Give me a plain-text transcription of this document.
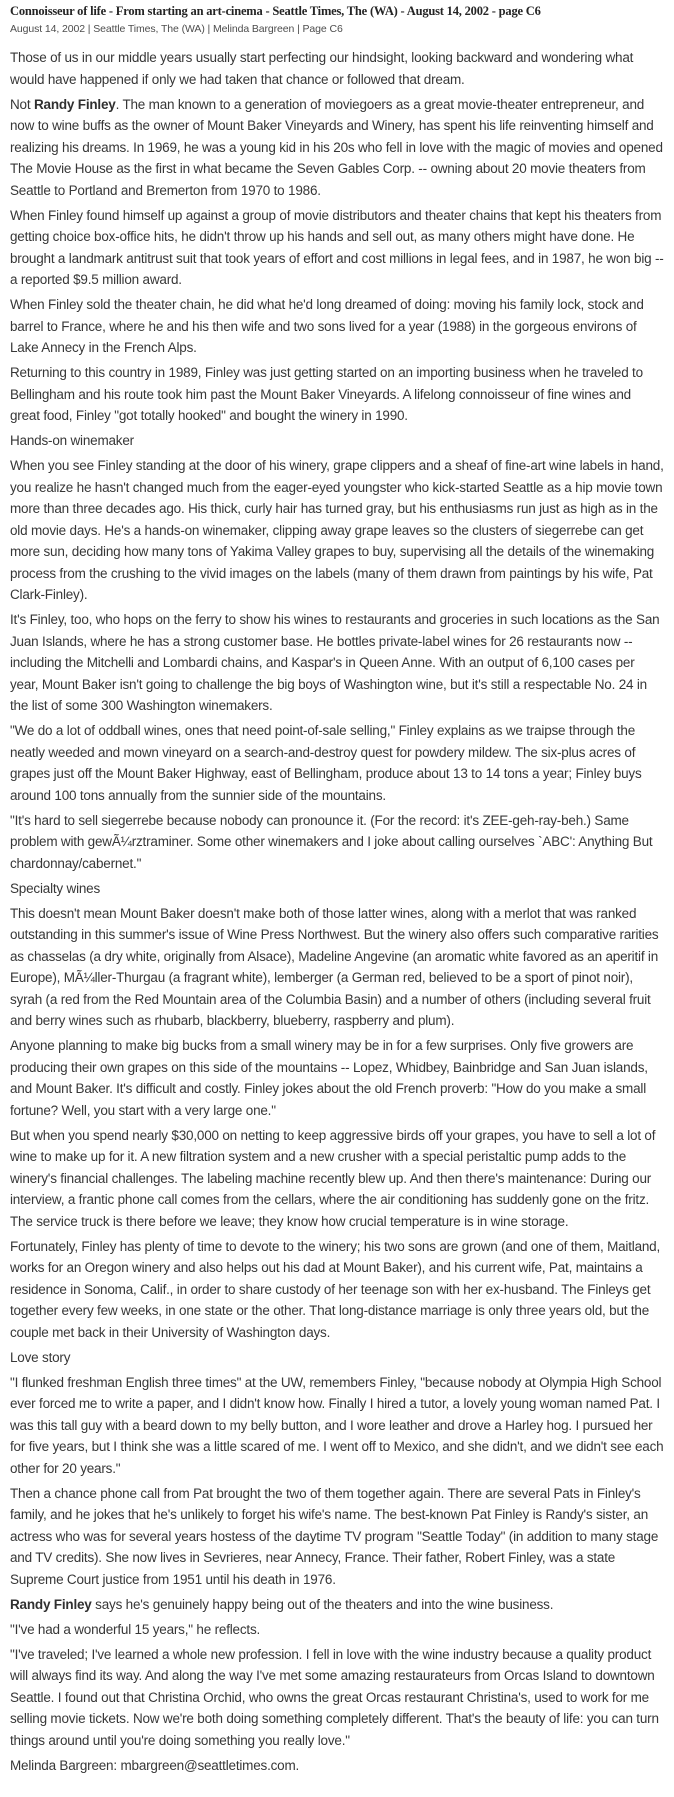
Connoisseur of life - From starting an art-cinema - Seattle Times, The (WA) - August 14, 2002 - page C6
August 14, 2002 | Seattle Times, The (WA) | Melinda Bargreen | Page C6

Those of us in our middle years usually start perfecting our hindsight, looking backward and wondering what would have happened if only we had taken that chance or followed that dream.

Not Randy Finley. The man known to a generation of moviegoers as a great movie-theater entrepreneur, and now to wine buffs as the owner of Mount Baker Vineyards and Winery, has spent his life reinventing himself and realizing his dreams. In 1969, he was a young kid in his 20s who fell in love with the magic of movies and opened The Movie House as the first in what became the Seven Gables Corp. -- owning about 20 movie theaters from Seattle to Portland and Bremerton from 1970 to 1986.

When Finley found himself up against a group of movie distributors and theater chains that kept his theaters from getting choice box-office hits, he didn't throw up his hands and sell out, as many others might have done. He brought a landmark antitrust suit that took years of effort and cost millions in legal fees, and in 1987, he won big -- a reported $9.5 million award.

When Finley sold the theater chain, he did what he'd long dreamed of doing: moving his family lock, stock and barrel to France, where he and his then wife and two sons lived for a year (1988) in the gorgeous environs of Lake Annecy in the French Alps.

Returning to this country in 1989, Finley was just getting started on an importing business when he traveled to Bellingham and his route took him past the Mount Baker Vineyards. A lifelong connoisseur of fine wines and great food, Finley "got totally hooked" and bought the winery in 1990.

Hands-on winemaker

When you see Finley standing at the door of his winery, grape clippers and a sheaf of fine-art wine labels in hand, you realize he hasn't changed much from the eager-eyed youngster who kick-started Seattle as a hip movie town more than three decades ago. His thick, curly hair has turned gray, but his enthusiasms run just as high as in the old movie days. He's a hands-on winemaker, clipping away grape leaves so the clusters of siegerrebe can get more sun, deciding how many tons of Yakima Valley grapes to buy, supervising all the details of the winemaking process from the crushing to the vivid images on the labels (many of them drawn from paintings by his wife, Pat Clark-Finley).

It's Finley, too, who hops on the ferry to show his wines to restaurants and groceries in such locations as the San Juan Islands, where he has a strong customer base. He bottles private-label wines for 26 restaurants now -- including the Mitchelli and Lombardi chains, and Kaspar's in Queen Anne. With an output of 6,100 cases per year, Mount Baker isn't going to challenge the big boys of Washington wine, but it's still a respectable No. 24 in the list of some 300 Washington winemakers.

"We do a lot of oddball wines, ones that need point-of-sale selling," Finley explains as we traipse through the neatly weeded and mown vineyard on a search-and-destroy quest for powdery mildew. The six-plus acres of grapes just off the Mount Baker Highway, east of Bellingham, produce about 13 to 14 tons a year; Finley buys around 100 tons annually from the sunnier side of the mountains.

"It's hard to sell siegerrebe because nobody can pronounce it. (For the record: it's ZEE-geh-ray-beh.) Same problem with gewÃ¼rztraminer. Some other winemakers and I joke about calling ourselves `ABC': Anything But chardonnay/cabernet."

Specialty wines

This doesn't mean Mount Baker doesn't make both of those latter wines, along with a merlot that was ranked outstanding in this summer's issue of Wine Press Northwest. But the winery also offers such comparative rarities as chasselas (a dry white, originally from Alsace), Madeline Angevine (an aromatic white favored as an aperitif in Europe), MÃ¼ller-Thurgau (a fragrant white), lemberger (a German red, believed to be a sport of pinot noir), syrah (a red from the Red Mountain area of the Columbia Basin) and a number of others (including several fruit and berry wines such as rhubarb, blackberry, blueberry, raspberry and plum).

Anyone planning to make big bucks from a small winery may be in for a few surprises. Only five growers are producing their own grapes on this side of the mountains -- Lopez, Whidbey, Bainbridge and San Juan islands, and Mount Baker. It's difficult and costly. Finley jokes about the old French proverb: "How do you make a small fortune? Well, you start with a very large one."

But when you spend nearly $30,000 on netting to keep aggressive birds off your grapes, you have to sell a lot of wine to make up for it. A new filtration system and a new crusher with a special peristaltic pump adds to the winery's financial challenges. The labeling machine recently blew up. And then there's maintenance: During our interview, a frantic phone call comes from the cellars, where the air conditioning has suddenly gone on the fritz. The service truck is there before we leave; they know how crucial temperature is in wine storage.

Fortunately, Finley has plenty of time to devote to the winery; his two sons are grown (and one of them, Maitland, works for an Oregon winery and also helps out his dad at Mount Baker), and his current wife, Pat, maintains a residence in Sonoma, Calif., in order to share custody of her teenage son with her ex-husband. The Finleys get together every few weeks, in one state or the other. That long-distance marriage is only three years old, but the couple met back in their University of Washington days.

Love story

"I flunked freshman English three times" at the UW, remembers Finley, "because nobody at Olympia High School ever forced me to write a paper, and I didn't know how. Finally I hired a tutor, a lovely young woman named Pat. I was this tall guy with a beard down to my belly button, and I wore leather and drove a Harley hog. I pursued her for five years, but I think she was a little scared of me. I went off to Mexico, and she didn't, and we didn't see each other for 20 years."

Then a chance phone call from Pat brought the two of them together again. There are several Pats in Finley's family, and he jokes that he's unlikely to forget his wife's name. The best-known Pat Finley is Randy's sister, an actress who was for several years hostess of the daytime TV program "Seattle Today" (in addition to many stage and TV credits). She now lives in Sevrieres, near Annecy, France. Their father, Robert Finley, was a state Supreme Court justice from 1951 until his death in 1976.

Randy Finley says he's genuinely happy being out of the theaters and into the wine business.

"I've had a wonderful 15 years," he reflects.

"I've traveled; I've learned a whole new profession. I fell in love with the wine industry because a quality product will always find its way. And along the way I've met some amazing restaurateurs from Orcas Island to downtown Seattle. I found out that Christina Orchid, who owns the great Orcas restaurant Christina's, used to work for me selling movie tickets. Now we're both doing something completely different. That's the beauty of life: you can turn things around until you're doing something you really love."

Melinda Bargreen: mbargreen@seattletimes.com.
